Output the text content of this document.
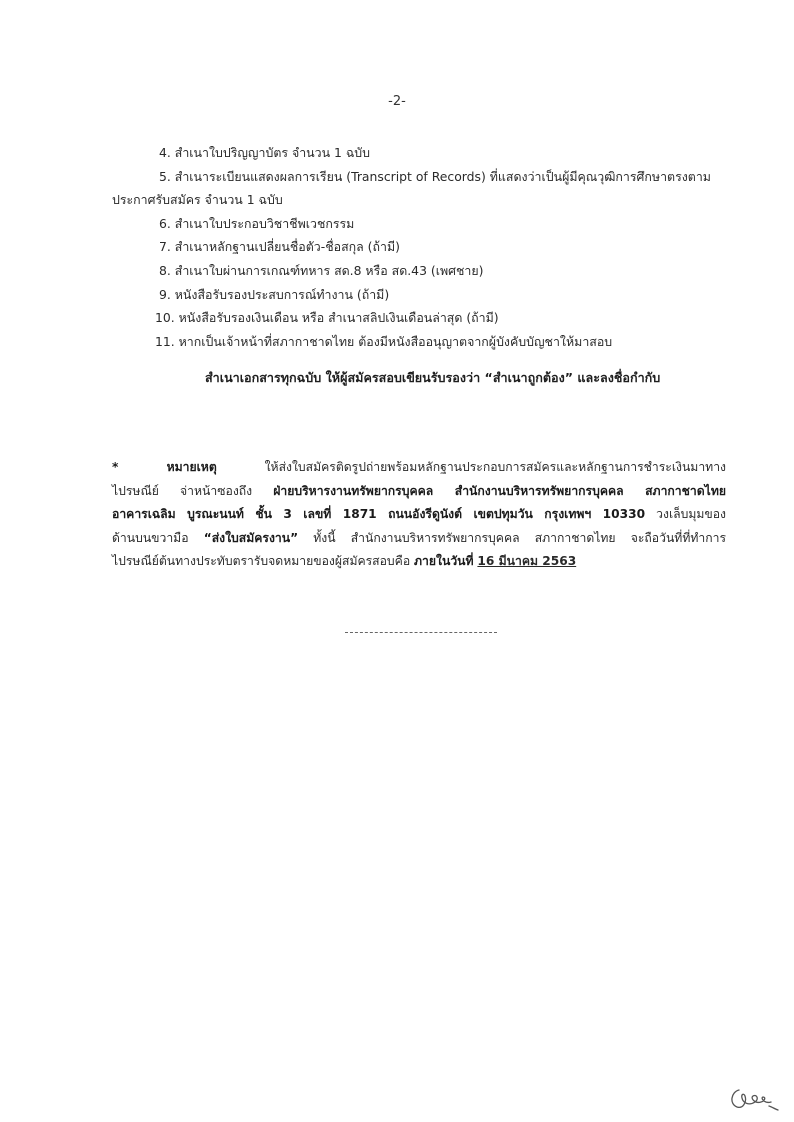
-2-
4. สำเนาใบปริญญาบัตร จำนวน 1 ฉบับ
5. สำเนาระเบียนแสดงผลการเรียน (Transcript of Records) ที่แสดงว่าเป็นผู้มีคุณวุฒิการศึกษาตรงตาม
ประกาศรับสมัคร จำนวน 1 ฉบับ
6. สำเนาใบประกอบวิชาชีพเวชกรรม
7. สำเนาหลักฐานเปลี่ยนชื่อตัว-ชื่อสกุล (ถ้ามี)
8. สำเนาใบผ่านการเกณฑ์ทหาร สด.8 หรือ สด.43 (เพศชาย)
9. หนังสือรับรองประสบการณ์ทำงาน (ถ้ามี)
10. หนังสือรับรองเงินเดือน หรือ สำเนาสลิปเงินเดือนล่าสุด (ถ้ามี)
11. หากเป็นเจ้าหน้าที่สภากาชาดไทย ต้องมีหนังสืออนุญาตจากผู้บังคับบัญชาให้มาสอบ
สำเนาเอกสารทุกฉบับ ให้ผู้สมัครสอบเขียนรับรองว่า “สำเนาถูกต้อง” และลงชื่อกำกับ
* หมายเหตุ ให้ส่งใบสมัครติดรูปถ่ายพร้อมหลักฐานประกอบการสมัครและหลักฐานการชำระเงินมาทาง
ไปรษณีย์ จ่าหน้าซองถึง ฝ่ายบริหารงานทรัพยากรบุคคล สำนักงานบริหารทรัพยากรบุคคล สภากาชาดไทย
อาคารเฉลิม บูรณะนนท์ ชั้น 3 เลขที่ 1871 ถนนอังรีดูนังต์ เขตปทุมวัน กรุงเทพฯ 10330 วงเล็บมุมของ
ด้านบนขวามือ “ส่งใบสมัครงาน” ทั้งนี้ สำนักงานบริหารทรัพยากรบุคคล สภากาชาดไทย จะถือวันที่ที่ทำการ
ไปรษณีย์ต้นทางประทับตรารับจดหมายของผู้สมัครสอบคือ ภายในวันที่ 16 มีนาคม 2563
